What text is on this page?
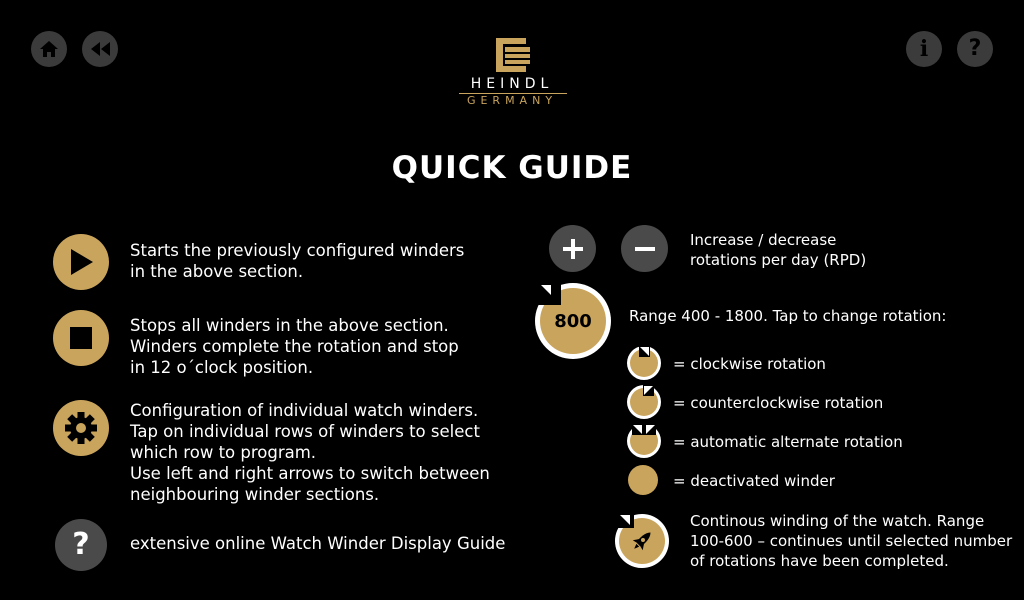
i ?
HEINDL
GERMANY
QUICK GUIDE
Starts the previously configured winders
in the above section.
Stops all winders in the above section.
Winders complete the rotation and stop
in 12 o´clock position.
Configuration of individual watch winders.
Tap on individual rows of winders to select
which row to program.
Use left and right arrows to switch between
neighbouring winder sections.
? extensive online Watch Winder Display Guide
Increase / decrease
rotations per day (RPD)
800 Range 400 - 1800. Tap to change rotation:
= clockwise rotation
= counterclockwise rotation
= automatic alternate rotation
= deactivated winder
Continous winding of the watch. Range
100-600 – continues until selected number
of rotations have been completed.
